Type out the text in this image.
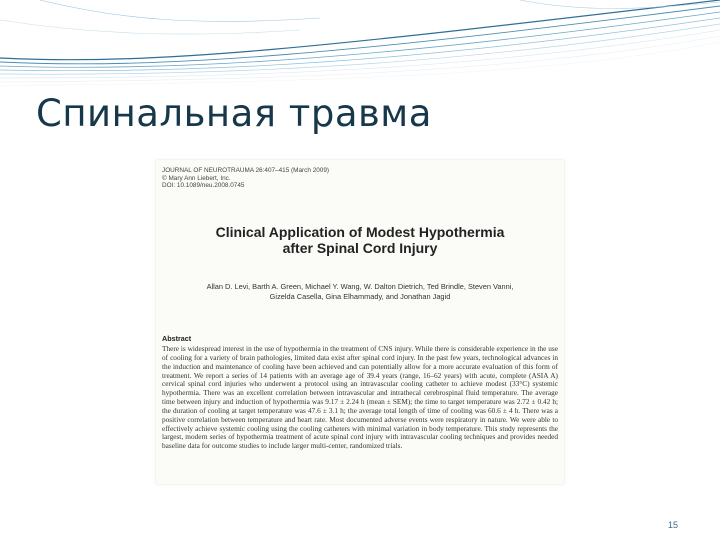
Спинальная травма
JOURNAL OF NEUROTRAUMA 26:407–415 (March 2009)
© Mary Ann Liebert, Inc.
DOI: 10.1089/neu.2008.0745
Clinical Application of Modest Hypothermia
after Spinal Cord Injury
Allan D. Levi, Barth A. Green, Michael Y. Wang, W. Dalton Dietrich, Ted Brindle, Steven Vanni,
Gizelda Casella, Gina Elhammady, and Jonathan Jagid
Abstract
There is widespread interest in the use of hypothermia in the treatment of CNS injury. While there is considerable experience in the use of cooling for a variety of brain pathologies, limited data exist after spinal cord injury. In the past few years, technological advances in the induction and maintenance of cooling have been achieved and can potentially allow for a more accurate evaluation of this form of treatment. We report a series of 14 patients with an average age of 39.4 years (range, 16–62 years) with acute, complete (ASIA A) cervical spinal cord injuries who underwent a protocol using an intravascular cooling catheter to achieve modest (33°C) systemic hypothermia. There was an excellent correlation between intravascular and intrathecal cerebrospinal fluid temperature. The average time between injury and induction of hypothermia was 9.17 ± 2.24 h (mean ± SEM); the time to target temperature was 2.72 ± 0.42 h; the duration of cooling at target temperature was 47.6 ± 3.1 h; the average total length of time of cooling was 60.6 ± 4 h. There was a positive correlation between temperature and heart rate. Most documented adverse events were respiratory in nature. We were able to effectively achieve systemic cooling using the cooling catheters with minimal variation in body temperature. This study represents the largest, modern series of hypothermia treatment of acute spinal cord injury with intravascular cooling techniques and provides needed baseline data for outcome studies to include larger multi-center, randomized trials.
15
